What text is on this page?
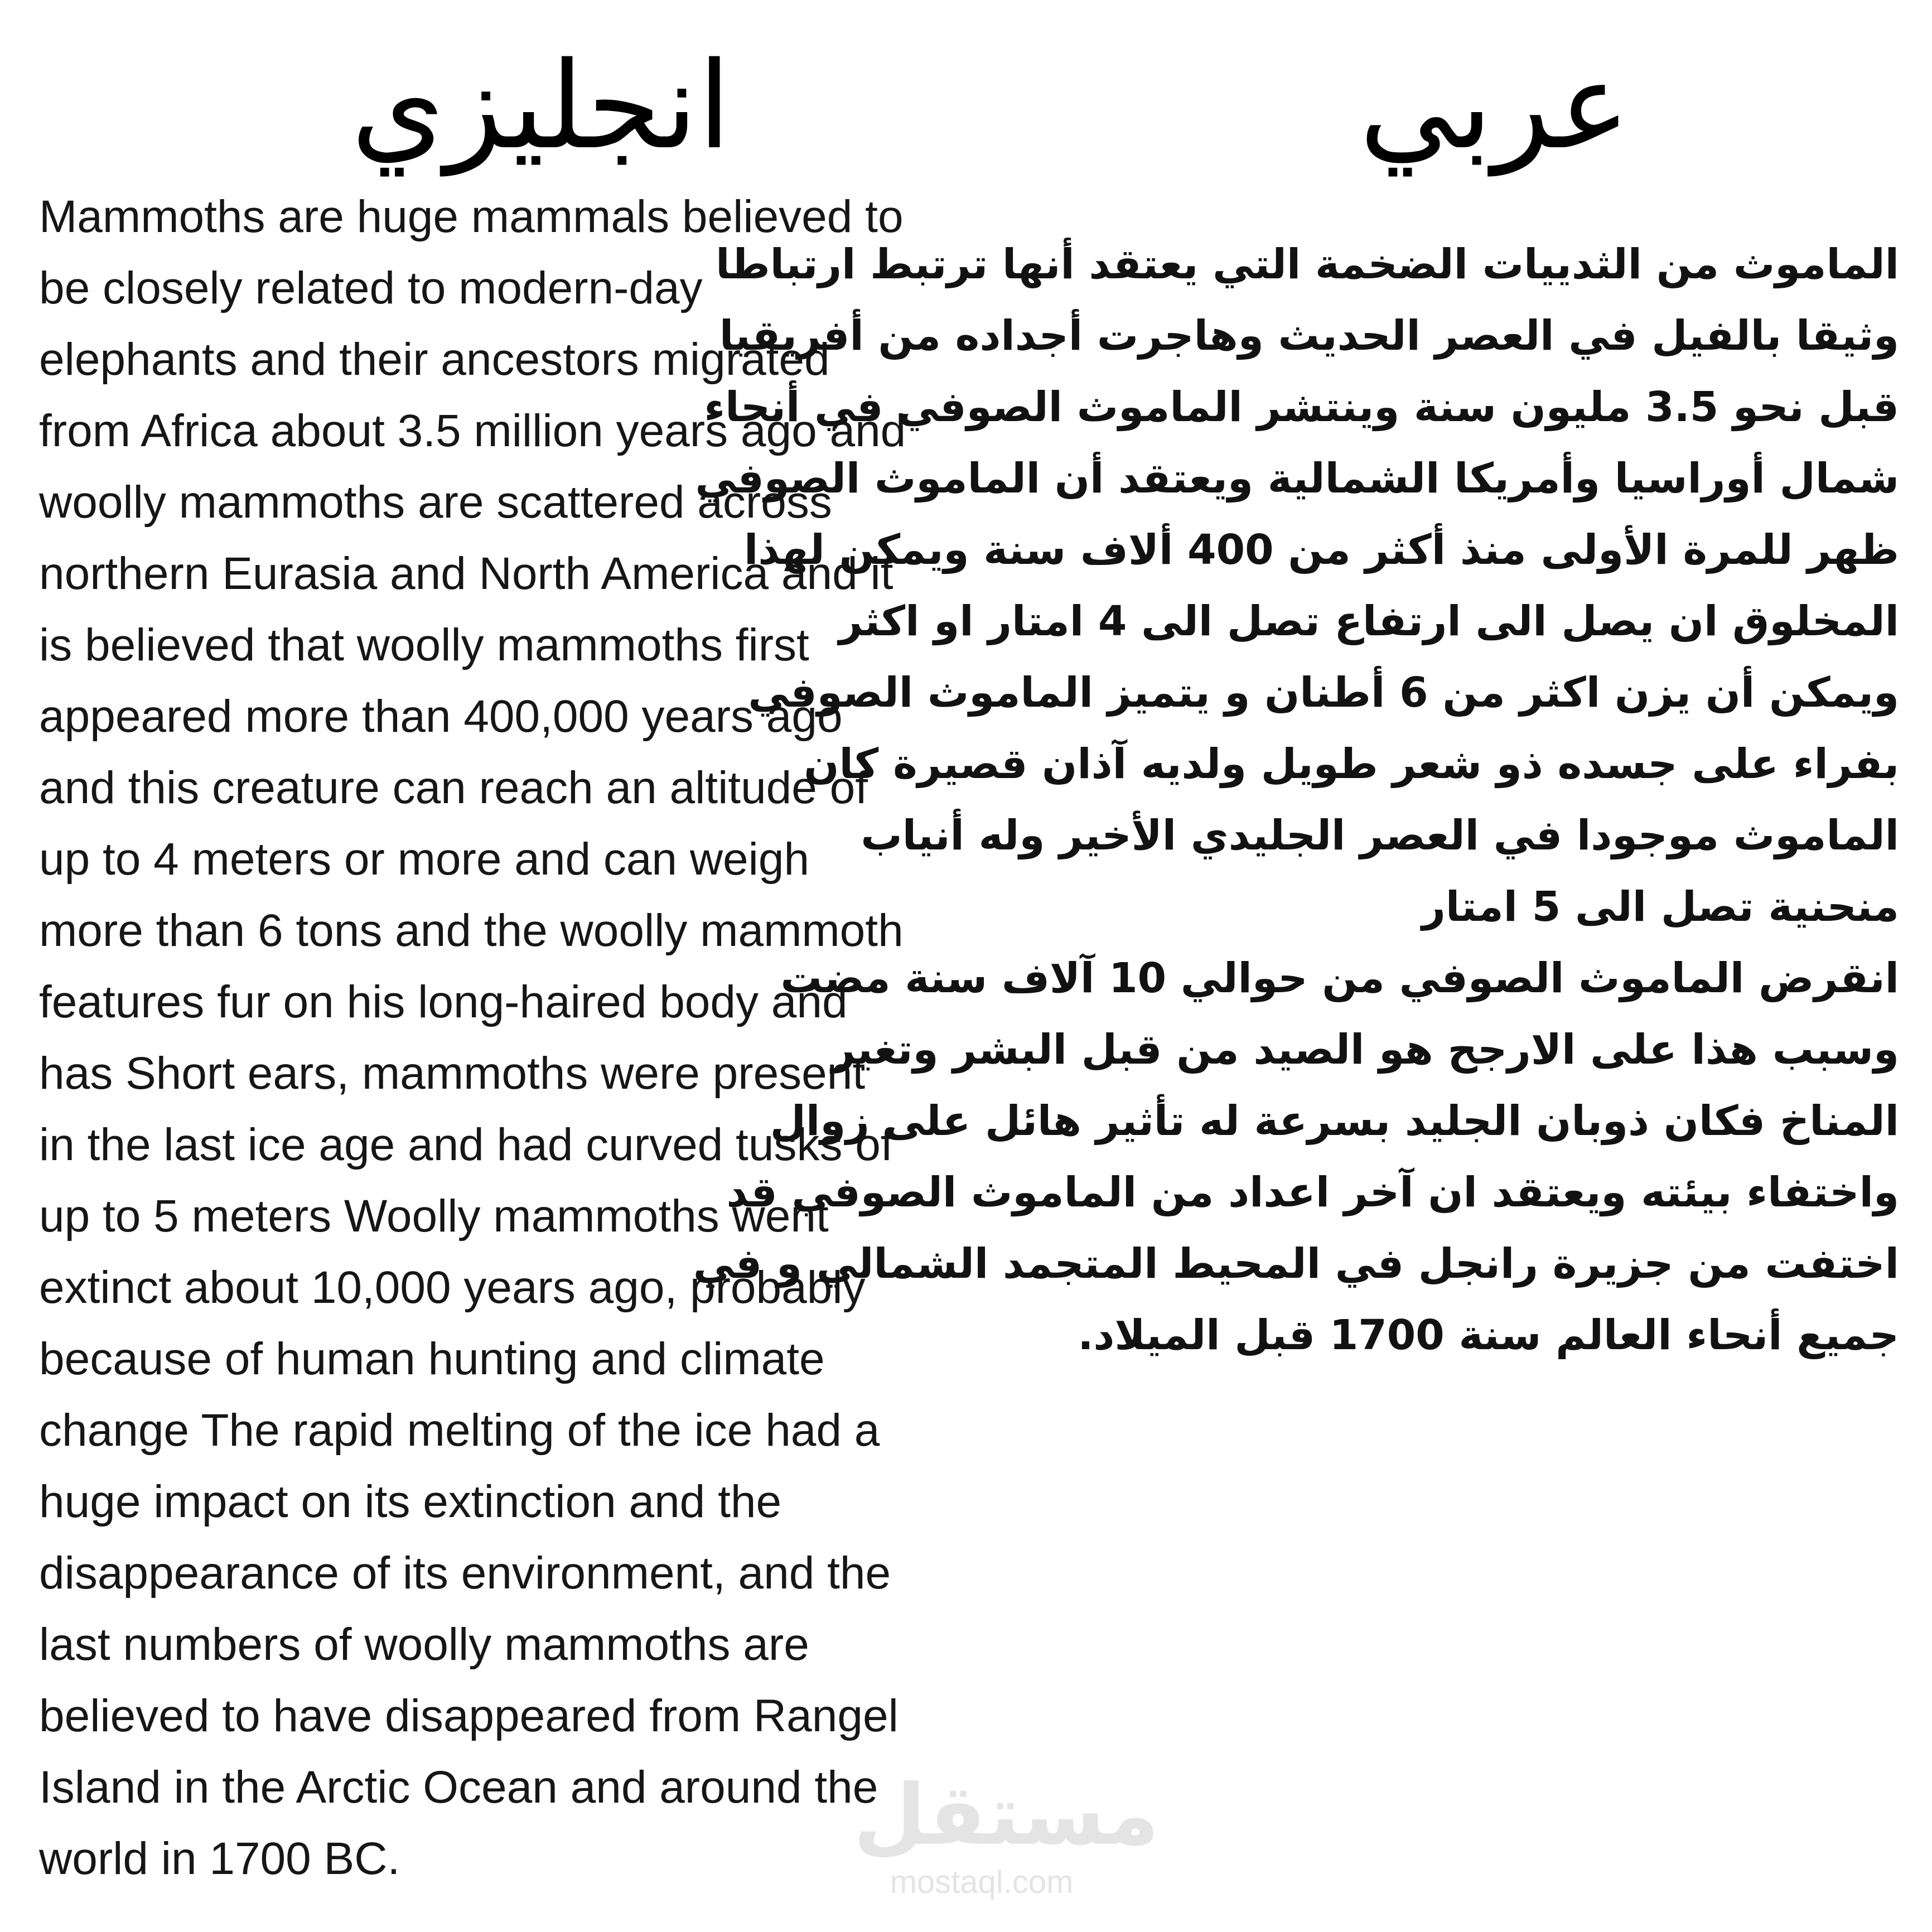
انجليزي	عربي
Mammoths are huge mammals believed to
be closely related to modern-day
elephants and their ancestors migrated
from Africa about 3.5 million years ago and
woolly mammoths are scattered across
northern Eurasia and North America and it
is believed that woolly mammoths first
appeared more than 400,000 years ago
and this creature can reach an altitude of
up to 4 meters or more and can weigh
more than 6 tons and the woolly mammoth
features fur on his long-haired body and
has Short ears, mammoths were present
in the last ice age and had curved tusks of
up to 5 meters Woolly mammoths went
extinct about 10,000 years ago, probably
because of human hunting and climate
change The rapid melting of the ice had a
huge impact on its extinction and the
disappearance of its environment, and the
last numbers of woolly mammoths are
believed to have disappeared from Rangel
Island in the Arctic Ocean and around the
world in 1700 BC.
الماموث من الثدييات الضخمة التي يعتقد أنها ترتبط ارتباطا
وثيقا بالفيل في العصر الحديث وهاجرت أجداده من أفريقيا
قبل نحو 3.5 مليون سنة وينتشر الماموث الصوفي في أنحاء
شمال أوراسيا وأمريكا الشمالية ويعتقد أن الماموث الصوفي
ظهر للمرة الأولى منذ أكثر من 400 ألاف سنة ويمكن لهذا
المخلوق ان يصل الى ارتفاع تصل الى 4 امتار او اكثر
ويمكن أن يزن اكثر من 6 أطنان و يتميز الماموث الصوفي
بفراء على جسده ذو شعر طويل ولديه آذان قصيرة كان
الماموث موجودا في العصر الجليدي الأخير وله أنياب
منحنية تصل الى 5 امتار
انقرض الماموث الصوفي من حوالي 10 آلاف سنة مضت
وسبب هذا على الارجح هو الصيد من قبل البشر وتغير
المناخ فكان ذوبان الجليد بسرعة له تأثير هائل على زوال
واختفاء بيئته ويعتقد ان آخر اعداد من الماموث الصوفي قد
اختفت من جزيرة رانجل في المحيط المتجمد الشمالي و في
جميع أنحاء العالم سنة 1700 قبل الميلاد.
مستقل
mostaql.com
